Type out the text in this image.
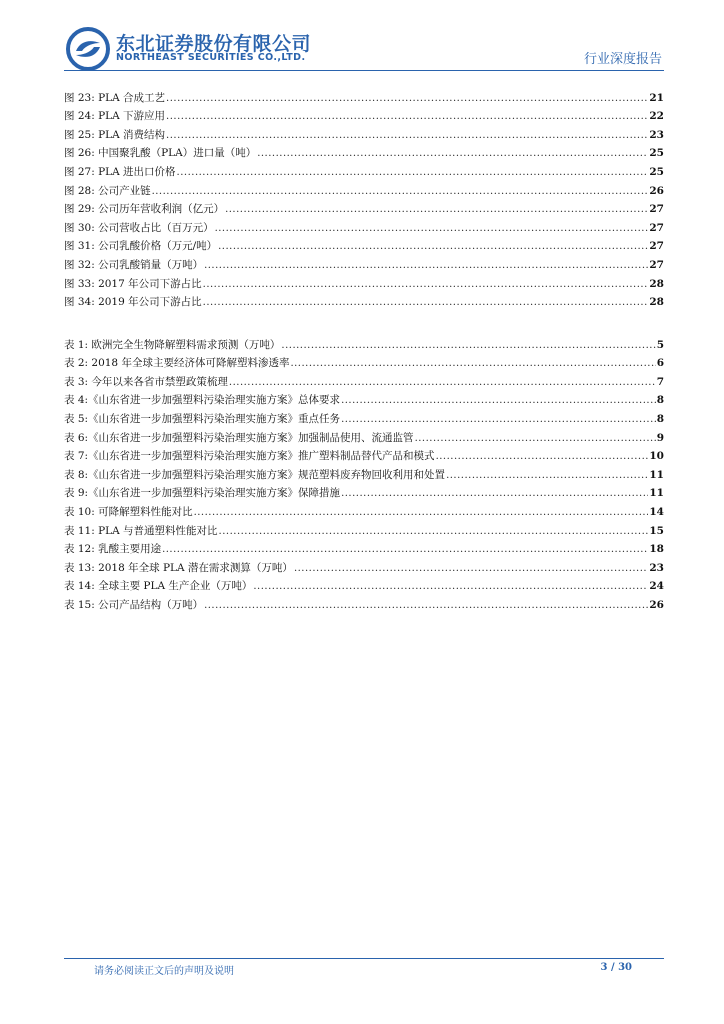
东北证券股份有限公司
NORTHEAST SECURITIES CO.,LTD.	行业深度报告
图 23: PLA 合成工艺 .....	21
图 24: PLA 下游应用 .....	22
图 25: PLA 消费结构 .....	23
图 26: 中国聚乳酸（PLA）进口量（吨） .....	25
图 27: PLA 进出口价格 .....	25
图 28: 公司产业链 .....	26
图 29: 公司历年营收利润（亿元） .....	27
图 30: 公司营收占比（百万元） .....	27
图 31: 公司乳酸价格（万元/吨） .....	27
图 32: 公司乳酸销量（万吨） .....	27
图 33: 2017 年公司下游占比 .....	28
图 34: 2019 年公司下游占比 .....	28
表 1: 欧洲完全生物降解塑料需求预测（万吨） .....	5
表 2: 2018 年全球主要经济体可降解塑料渗透率 .....	6
表 3: 今年以来各省市禁塑政策梳理 .....	7
表 4:《山东省进一步加强塑料污染治理实施方案》总体要求 .....	8
表 5:《山东省进一步加强塑料污染治理实施方案》重点任务 .....	8
表 6:《山东省进一步加强塑料污染治理实施方案》加强制品使用、流通监管 .....	9
表 7:《山东省进一步加强塑料污染治理实施方案》推广塑料制品替代产品和模式 .....	10
表 8:《山东省进一步加强塑料污染治理实施方案》规范塑料废弃物回收利用和处置 .....	11
表 9:《山东省进一步加强塑料污染治理实施方案》保障措施 .....	11
表 10: 可降解塑料性能对比 .....	14
表 11: PLA 与普通塑料性能对比 .....	15
表 12: 乳酸主要用途 .....	18
表 13: 2018 年全球 PLA 潜在需求测算（万吨） .....	23
表 14: 全球主要 PLA 生产企业（万吨） .....	24
表 15: 公司产品结构（万吨） .....	26
请务必阅读正文后的声明及说明	3 / 30
